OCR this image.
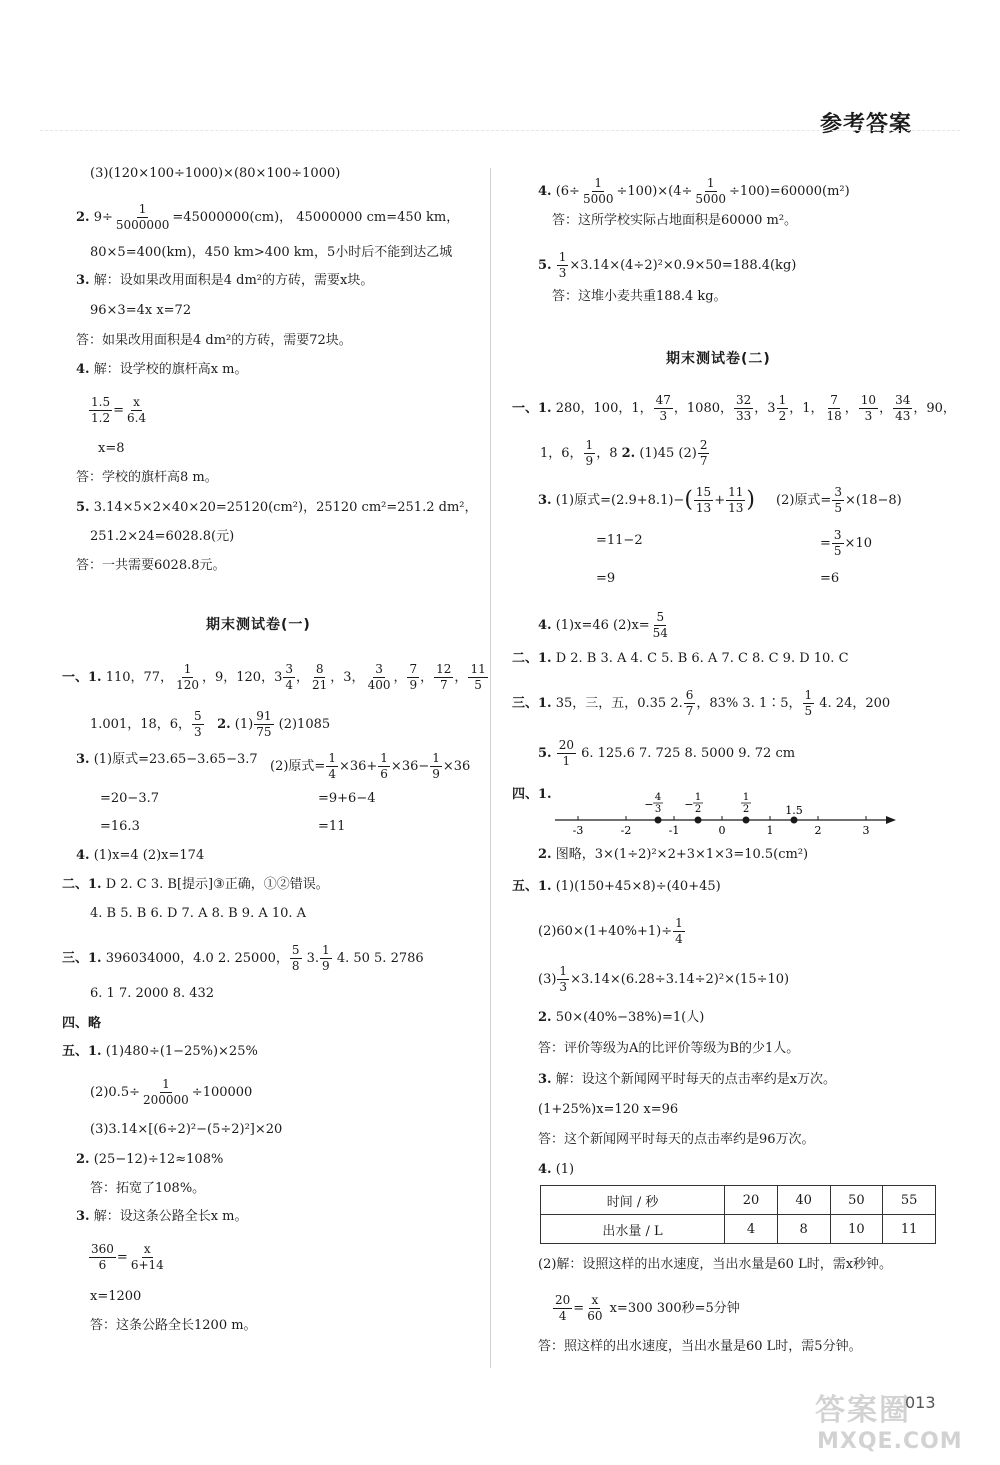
参考答案
(3)(120×100÷1000)×(80×100÷1000)
2. $9\div \frac{1}{5000000} =45000000(cm)$， 45000000 cm=450 km，
80×5=400(km)，450 km>400 km，5小时后不能到达乙城
3. 解：设如果改用面积是4 dm²的方砖，需要x块。
96×3=4x x=72
答：如果改用面积是4 dm²的方砖，需要72块。
4. 解：设学校的旗杆高x m。
$\frac{1.5}{1.2} = \frac{x}{6.4}$
x=8
答：学校的旗杆高8 m。
5. 3.14×5×2×40×20=25120(cm²)，25120 cm²=251.2 dm²，
251.2×24=6028.8(元)
答：一共需要6028.8元。
期末测试卷(一)
一、1. 110，77， $\frac{1}{120}$ ，9，120，$3 \frac{3}{4}$ ， $\frac{8}{21}$ ，3， $\frac{3}{400}$ ， $\frac{7}{9}$ ， $\frac{12}{7}$ ， $\frac{11}{5}$
1.001，18，6， $\frac{5}{3} 2$. $(1) \frac{91}{75} (2)1085$
3. (1)原式=23.65−3.65−3.7 (2)原式= $\frac{1}{4} \times 36+ \frac{1}{6} \times 36- \frac{1}{9} \times 36$
=20−3.7	=9+6−4
=16.3	=11
4. (1)x=4 (2)x=174
二、1. D 2. C 3. B[提示]③正确，①②错误。
4. B 5. B 6. D 7. A 8. B 9. A 10. A
三、1. 396034000，4.0 2. 25000， $\frac{5}{8} 3$. $\frac{1}{9} 4$. 50 5. 2786
6. 1 7. 2000 8. 432
四、略
五、1. (1)480÷(1−25%)×25%
$(2)0.5\div \frac{1}{200000} \div 100000$
(3)3.14×[(6÷2)²−(5÷2)²]×20
2. (25−12)÷12≈108%
答：拓宽了108%。
3. 解：设这条公路全长x m。
$\frac{360}{6} = \frac{x}{6+14}$
x=1200
答：这条公路全长1200 m。
4. $(6\div \frac{1}{5000} \div 100)\times(4\div \frac{1}{5000} \div 100)=60000(m^2)$
答：这所学校实际占地面积是60000 m²。
5. $\frac{1}{3} \times 3.14\times(4\div 2)^2\times 0.9\times 50=188.4(kg)$
答：这堆小麦共重188.4 kg。
期末测试卷(二)
一、1. 280，100，1， $\frac{47}{3}$ ，1080， $\frac{32}{33}$ ，$3 \frac{1}{2}$ ，1， $\frac{7}{18}$ ， $\frac{10}{3}$ ， $\frac{34}{43}$ ，90，
1，6， $\frac{1}{9}$ ，8 2. (1)45 $(2) \frac{2}{7}$
3. (1)原式$=(2.9+8.1)-( \frac{15}{13} + \frac{11}{13}$ ) (2)原式= $\frac{3}{5} \times(18-8)$
=11−2	= $\frac{3}{5} \times 10$
=9	=6
4. (1)x=46 $(2)x= \frac{5}{54}$
二、1. D 2. B 3. A 4. C 5. B 6. A 7. C 8. C 9. D 10. C
三、1. 35，三，五，0.35 2. $\frac{6}{7}$ ，83% 3. 1∶5， $\frac{1}{5} 4$. 24，200
5. $\frac{20}{1} 6$. 125.6 7. 725 8. 5000 9. 72 cm
四、1.
-3	-2	-1	0	1	2	3
−
4
3 −
1
2
1
2	1.5
2. 图略，3×(1÷2)²×2+3×1×3=10.5(cm²)
五、1. (1)(150+45×8)÷(40+45)
$(2)60\times(1+40\%+1)\div \frac{1}{4}$
$(3) \frac{1}{3} \times 3.14\times(6.28\div 3.14\div 2)^2\times(15\div 10)$
2. 50×(40%−38%)=1(人)
答：评价等级为A的比评价等级为B的少1人。
3. 解：设这个新闻网平时每天的点击率约是x万次。
(1+25%)x=120 x=96
答：这个新闻网平时每天的点击率约是96万次。
4. (1)
时间 / 秒	20	40	50	55
出水量 / L	4	8	10	11
(2)解：设照这样的出水速度，当出水量是60 L时，需x秒钟。
$\frac{20}{4} = \frac{x}{60} x=300$ 300秒=5分钟
答：照这样的出水速度，当出水量是60 L时，需5分钟。
答案圈
MXQE.COM
013
